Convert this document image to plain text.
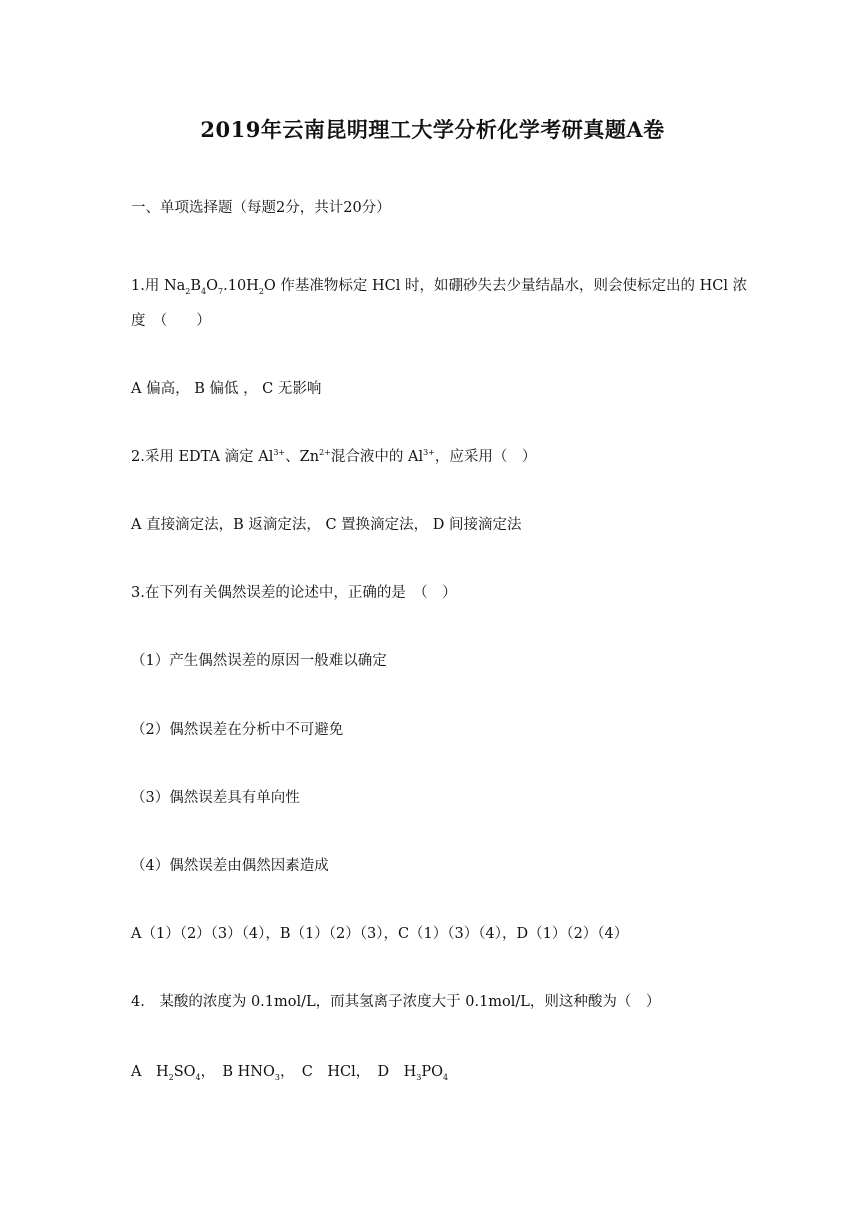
2019年云南昆明理工大学分析化学考研真题A卷
一、单项选择题（每题2分，共计20分）
1.用 $Na_2B_4O_7.10H_2O$ 作基准物标定 HCl 时，如硼砂失去少量结晶水，则会使标定出的 HCl 浓
度　（　　）
A 偏高， B 偏低 ， C 无影响
2.采用 EDTA 滴定 $Al^{3+}$、$Zn^{2+}$混合液中的 $Al^{3+}$，应采用（　）
A 直接滴定法，B 返滴定法， C 置换滴定法， D 间接滴定法
3.在下列有关偶然误差的论述中，正确的是　（　）
（1）产生偶然误差的原因一般难以确定
（2）偶然误差在分析中不可避免
（3）偶然误差具有单向性
（4）偶然误差由偶然因素造成
A（1）（2）（3）（4），B（1）（2）（3），C（1）（3）（4），D（1）（2）（4）
4.　某酸的浓度为 0.1mol/L，而其氢离子浓度大于 0.1mol/L，则这种酸为（　）
A　$H_2SO_4$，　B $HNO_3$，　C　HCl，　D　$H_3PO_4$
